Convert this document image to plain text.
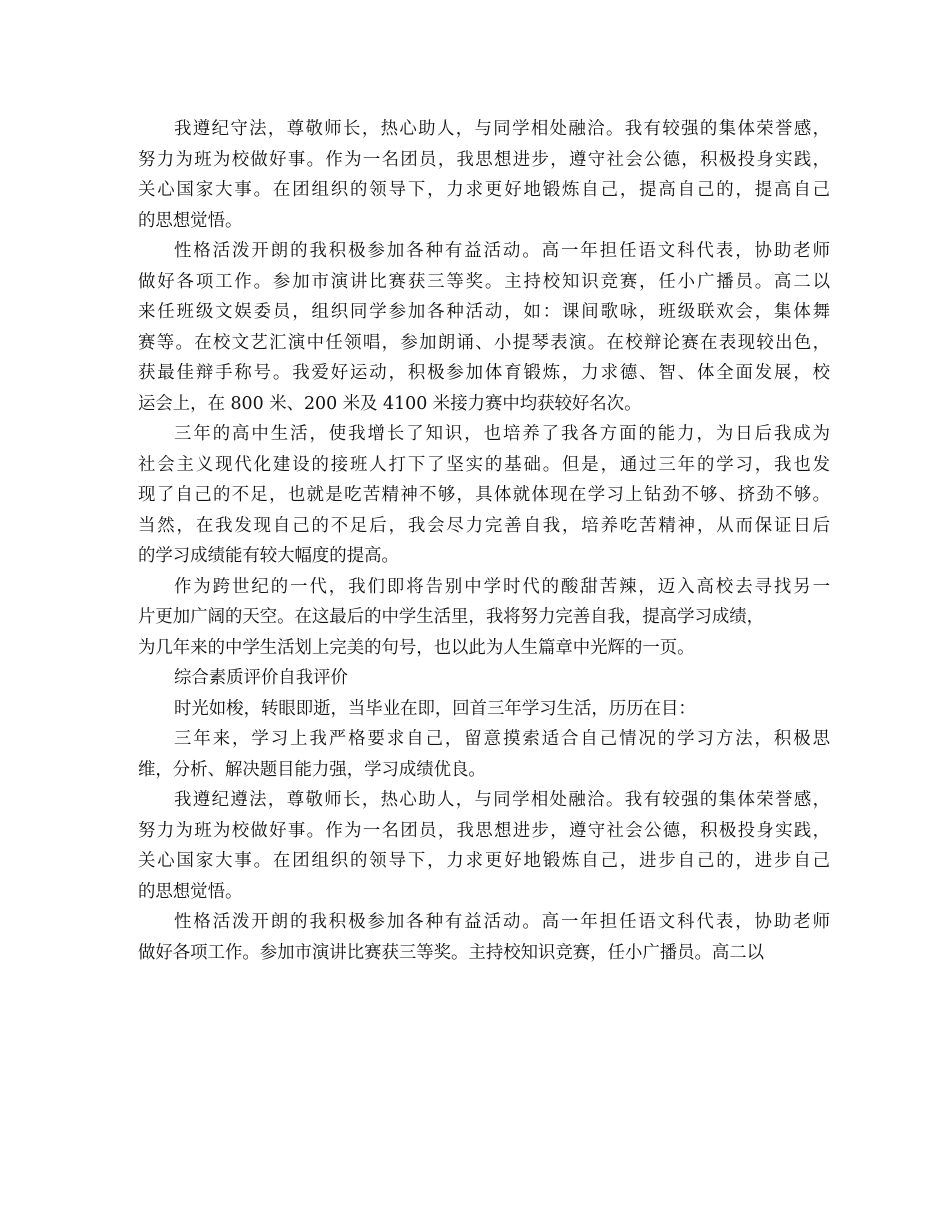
我遵纪守法，尊敬师长，热心助人，与同学相处融洽。我有较强的集体荣誉感，
努力为班为校做好事。作为一名团员，我思想进步，遵守社会公德，积极投身实践，
关心国家大事。在团组织的领导下，力求更好地锻炼自己，提高自己的，提高自己
的思想觉悟。
性格活泼开朗的我积极参加各种有益活动。高一年担任语文科代表，协助老师
做好各项工作。参加市演讲比赛获三等奖。主持校知识竞赛，任小广播员。高二以
来任班级文娱委员，组织同学参加各种活动，如：课间歌咏，班级联欢会，集体舞
赛等。在校文艺汇演中任领唱，参加朗诵、小提琴表演。在校辩论赛在表现较出色，
获最佳辩手称号。我爱好运动，积极参加体育锻炼，力求德、智、体全面发展，校
运会上，在 800 米、200 米及 4100 米接力赛中均获较好名次。
三年的高中生活，使我增长了知识，也培养了我各方面的能力，为日后我成为
社会主义现代化建设的接班人打下了坚实的基础。但是，通过三年的学习，我也发
现了自己的不足，也就是吃苦精神不够，具体就体现在学习上钻劲不够、挤劲不够。
当然，在我发现自己的不足后，我会尽力完善自我，培养吃苦精神，从而保证日后
的学习成绩能有较大幅度的提高。
作为跨世纪的一代，我们即将告别中学时代的酸甜苦辣，迈入高校去寻找另一
片更加广阔的天空。在这最后的中学生活里，我将努力完善自我，提高学习成绩，
为几年来的中学生活划上完美的句号，也以此为人生篇章中光辉的一页。
综合素质评价自我评价
时光如梭，转眼即逝，当毕业在即，回首三年学习生活，历历在目：
三年来，学习上我严格要求自己，留意摸索适合自己情况的学习方法，积极思
维，分析、解决题目能力强，学习成绩优良。
我遵纪遵法，尊敬师长，热心助人，与同学相处融洽。我有较强的集体荣誉感，
努力为班为校做好事。作为一名团员，我思想进步，遵守社会公德，积极投身实践，
关心国家大事。在团组织的领导下，力求更好地锻炼自己，进步自己的，进步自己
的思想觉悟。
性格活泼开朗的我积极参加各种有益活动。高一年担任语文科代表，协助老师
做好各项工作。参加市演讲比赛获三等奖。主持校知识竞赛，任小广播员。高二以
